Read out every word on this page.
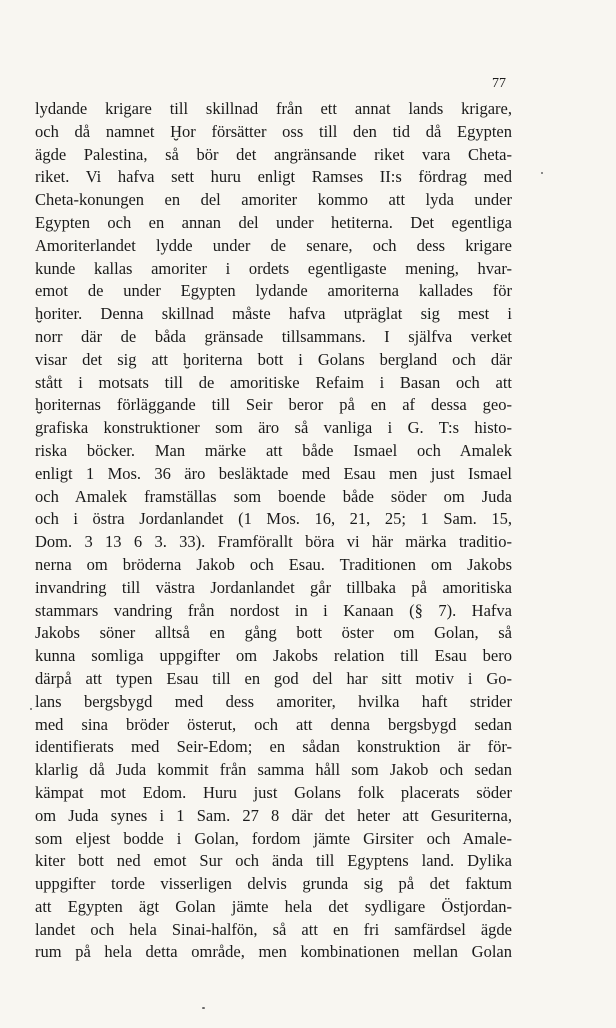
77
lydande krigare till skillnad från ett annat lands krigare,
och då namnet Ḫor försätter oss till den tid då Egypten
ägde Palestina, så bör det angränsande riket vara Cheta-
riket. Vi hafva sett huru enligt Ramses II:s fördrag med
Cheta-konungen en del amoriter kommo att lyda under
Egypten och en annan del under hetiterna. Det egentliga
Amoriterlandet lydde under de senare, och dess krigare
kunde kallas amoriter i ordets egentligaste mening, hvar-
emot de under Egypten lydande amoriterna kallades för
ḫoriter. Denna skillnad måste hafva utpräglat sig mest i
norr där de båda gränsade tillsammans. I själfva verket
visar det sig att ḫoriterna bott i Golans bergland och där
stått i motsats till de amoritiske Refaim i Basan och att
ḫoriternas förläggande till Seir beror på en af dessa geo-
grafiska konstruktioner som äro så vanliga i G. T:s histo-
riska böcker. Man märke att både Ismael och Amalek
enligt 1 Mos. 36 äro besläktade med Esau men just Ismael
och Amalek framställas som boende både söder om Juda
och i östra Jordanlandet (1 Mos. 16, 21, 25; 1 Sam. 15,
Dom. 3 13 6 3. 33). Framförallt böra vi här märka traditio-
nerna om bröderna Jakob och Esau. Traditionen om Jakobs
invandring till västra Jordanlandet går tillbaka på amoritiska
stammars vandring från nordost in i Kanaan (§ 7). Hafva
Jakobs söner alltså en gång bott öster om Golan, så
kunna somliga uppgifter om Jakobs relation till Esau bero
därpå att typen Esau till en god del har sitt motiv i Go-
lans bergsbygd med dess amoriter, hvilka haft strider
med sina bröder österut, och att denna bergsbygd sedan
identifierats med Seir-Edom; en sådan konstruktion är för-
klarlig då Juda kommit från samma håll som Jakob och sedan
kämpat mot Edom. Huru just Golans folk placerats söder
om Juda synes i 1 Sam. 27 8 där det heter att Gesuriterna,
som eljest bodde i Golan, fordom jämte Girsiter och Amale-
kiter bott ned emot Sur och ända till Egyptens land. Dylika
uppgifter torde visserligen delvis grunda sig på det faktum
att Egypten ägt Golan jämte hela det sydligare Östjordan-
landet och hela Sinai-halfön, så att en fri samfärdsel ägde
rum på hela detta område, men kombinationen mellan Golan
